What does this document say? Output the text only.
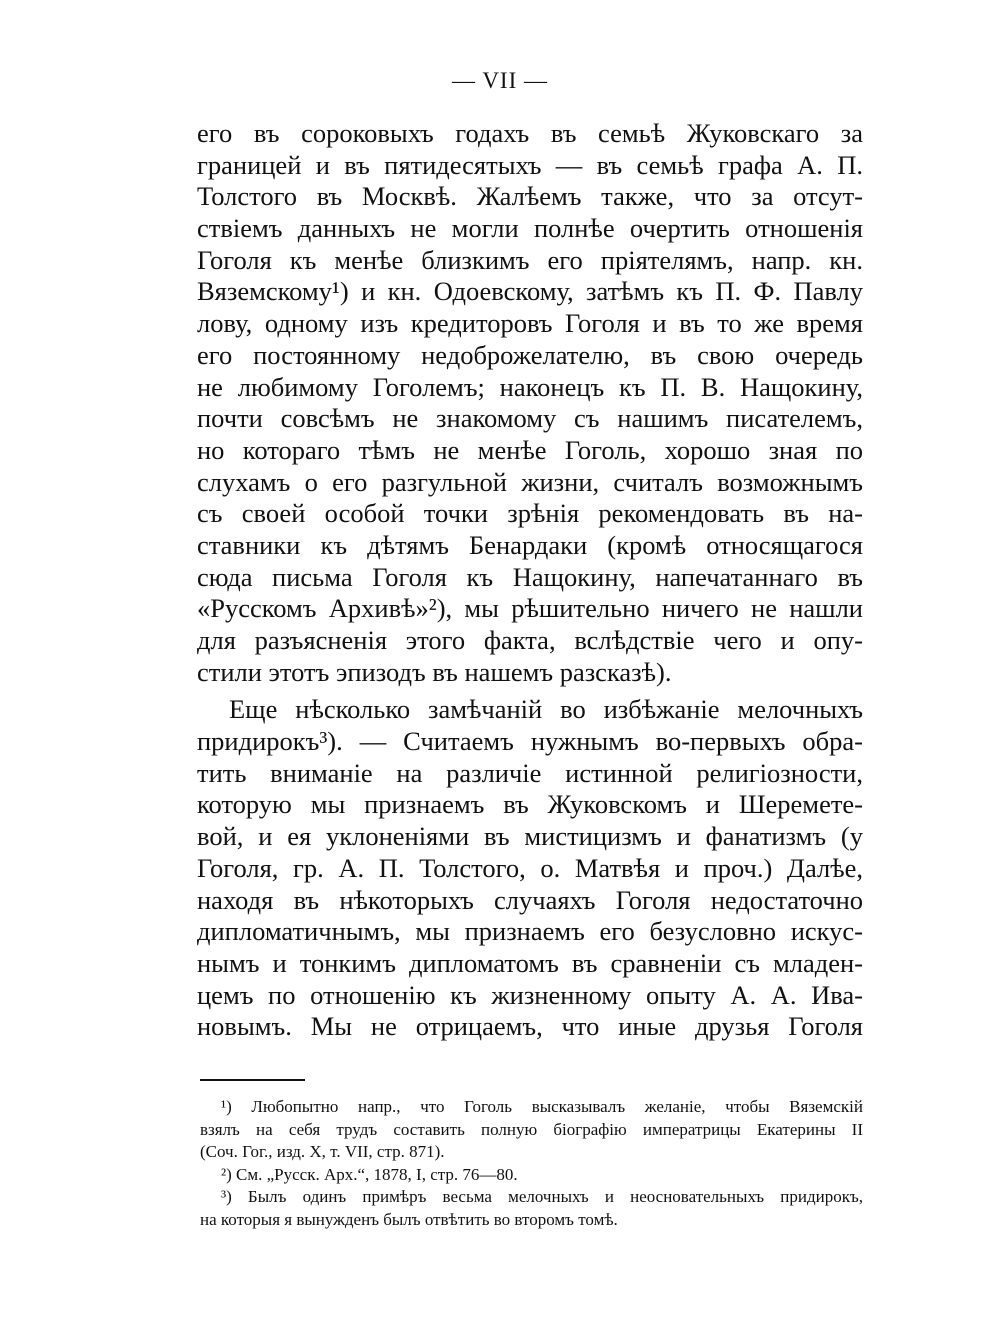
— VII —
его въ сороковыхъ годахъ въ семьѣ Жуковскаго за
границей и въ пятидесятыхъ — въ семьѣ графа А. П.
Толстого въ Москвѣ. Жалѣемъ также, что за отсут-
ствіемъ данныхъ не могли полнѣе очертить отношенія
Гоголя къ менѣе близкимъ его пріятелямъ, напр. кн.
Вяземскому¹) и кн. Одоевскому, затѣмъ къ П. Ф. Павлу
лову, одному изъ кредиторовъ Гоголя и въ то же время
его постоянному недоброжелателю, въ свою очередь
не любимому Гоголемъ; наконецъ къ П. В. Нащокину,
почти совсѣмъ не знакомому съ нашимъ писателемъ,
но котораго тѣмъ не менѣе Гоголь, хорошо зная по
слухамъ о его разгульной жизни, считалъ возможнымъ
съ своей особой точки зрѣнія рекомендовать въ на-
ставники къ дѣтямъ Бенардаки (кромѣ относящагося
сюда письма Гоголя къ Нащокину, напечатаннаго въ
«Русскомъ Архивѣ»²), мы рѣшительно ничего не нашли
для разъясненія этого факта, вслѣдствіе чего и опу-
стили этотъ эпизодъ въ нашемъ разсказѣ).
Еще нѣсколько замѣчаній во избѣжаніе мелочныхъ
придирокъ³). — Считаемъ нужнымъ во-первыхъ обра-
тить вниманіе на различіе истинной религіозности,
которую мы признаемъ въ Жуковскомъ и Шеремете-
вой, и ея уклоненіями въ мистицизмъ и фанатизмъ (у
Гоголя, гр. А. П. Толстого, о. Матвѣя и проч.) Далѣе,
находя въ нѣкоторыхъ случаяхъ Гоголя недостаточно
дипломатичнымъ, мы признаемъ его безусловно искус-
нымъ и тонкимъ дипломатомъ въ сравненіи съ младен-
цемъ по отношенію къ жизненному опыту А. А. Ива-
новымъ. Мы не отрицаемъ, что иные друзья Гоголя
¹) Любопытно напр., что Гоголь высказывалъ желаніе, чтобы Вяземскій
взялъ на себя трудъ составить полную біографію императрицы Екатерины II
(Соч. Гог., изд. X, т. VII, стр. 871).
²) См. „Русск. Арх.“, 1878, I, стр. 76—80.
³) Былъ одинъ примѣръ весьма мелочныхъ и неосновательныхъ придирокъ,
на которыя я вынужденъ былъ отвѣтить во второмъ томѣ.
